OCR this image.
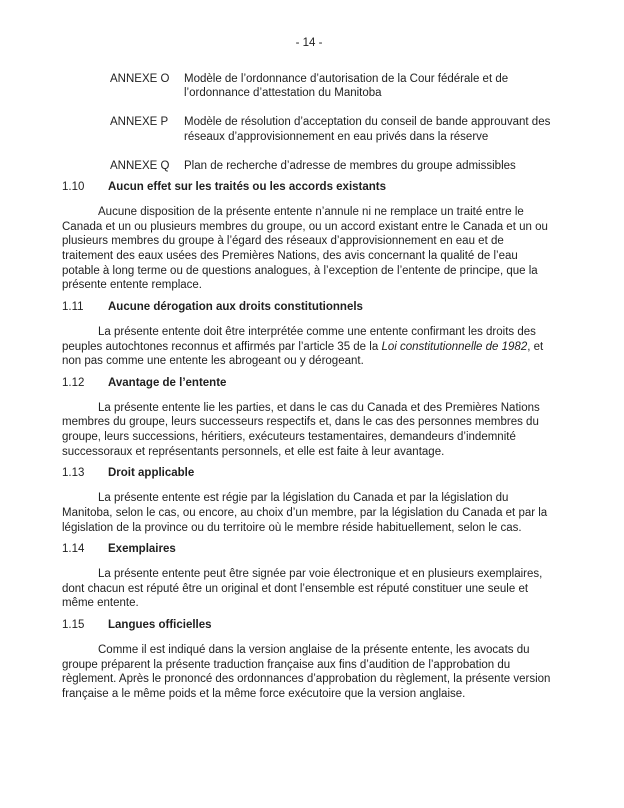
- 14 -
ANNEXE O	Modèle de l’ordonnance d’autorisation de la Cour fédérale et de l’ordonnance d’attestation du Manitoba
ANNEXE P	Modèle de résolution d’acceptation du conseil de bande approuvant des réseaux d’approvisionnement en eau privés dans la réserve
ANNEXE Q	Plan de recherche d’adresse de membres du groupe admissibles
1.10	Aucun effet sur les traités ou les accords existants

Aucune disposition de la présente entente n’annule ni ne remplace un traité entre le Canada et un ou plusieurs membres du groupe, ou un accord existant entre le Canada et un ou plusieurs membres du groupe à l’égard des réseaux d’approvisionnement en eau et de traitement des eaux usées des Premières Nations, des avis concernant la qualité de l’eau potable à long terme ou de questions analogues, à l’exception de l’entente de principe, que la présente entente remplace.

1.11	Aucune dérogation aux droits constitutionnels

La présente entente doit être interprétée comme une entente confirmant les droits des peuples autochtones reconnus et affirmés par l’article 35 de la Loi constitutionnelle de 1982, et non pas comme une entente les abrogeant ou y dérogeant.

1.12	Avantage de l’entente

La présente entente lie les parties, et dans le cas du Canada et des Premières Nations membres du groupe, leurs successeurs respectifs et, dans le cas des personnes membres du groupe, leurs successions, héritiers, exécuteurs testamentaires, demandeurs d’indemnité successoraux et représentants personnels, et elle est faite à leur avantage.

1.13	Droit applicable

La présente entente est régie par la législation du Canada et par la législation du Manitoba, selon le cas, ou encore, au choix d’un membre, par la législation du Canada et par la législation de la province ou du territoire où le membre réside habituellement, selon le cas.

1.14	Exemplaires

La présente entente peut être signée par voie électronique et en plusieurs exemplaires, dont chacun est réputé être un original et dont l’ensemble est réputé constituer une seule et même entente.

1.15	Langues officielles

Comme il est indiqué dans la version anglaise de la présente entente, les avocats du groupe préparent la présente traduction française aux fins d’audition de l’approbation du règlement. Après le prononcé des ordonnances d’approbation du règlement, la présente version française a le même poids et la même force exécutoire que la version anglaise.
